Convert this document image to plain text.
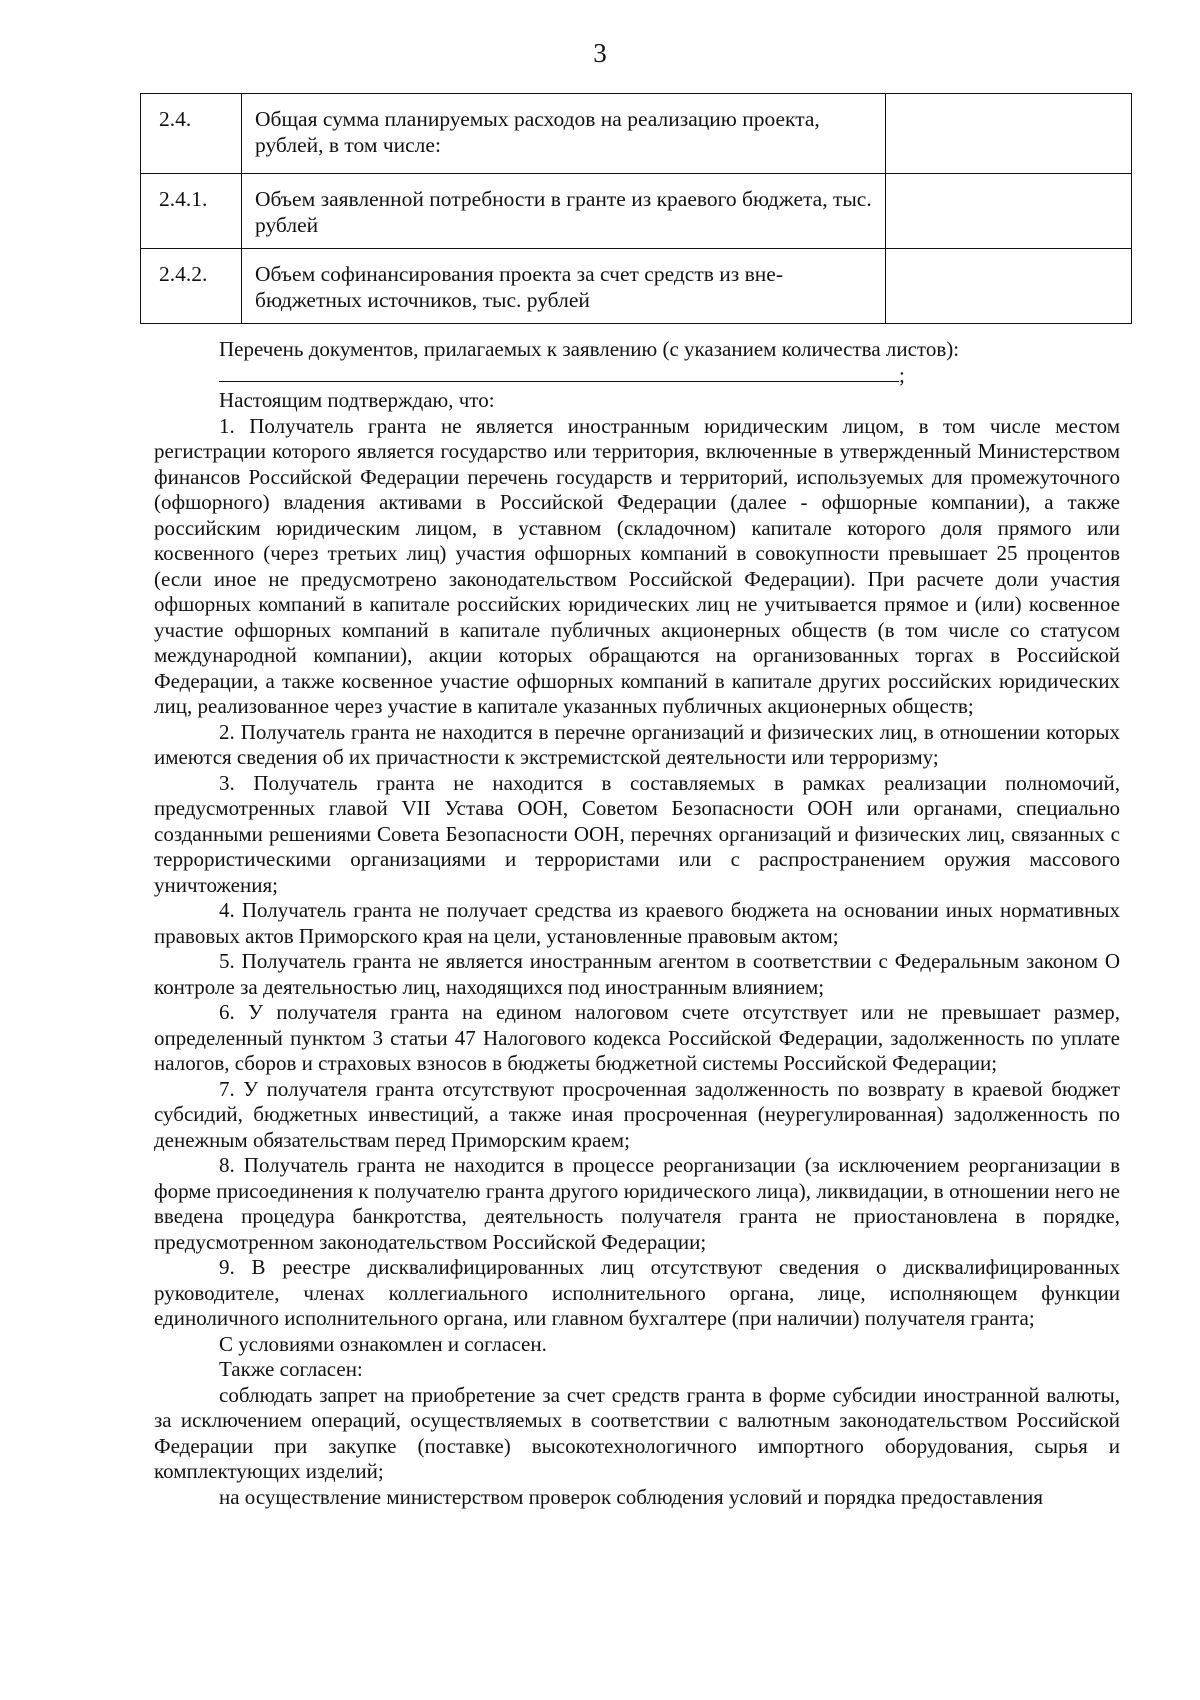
3
2.4.	Общая сумма планируемых расходов на реализацию проекта, рублей, в том числе:	
2.4.1.	Объем заявленной потребности в гранте из краевого бюджета, тыс. рублей	
2.4.2.	Объем софинансирования проекта за счет средств из вне-бюджетных источников, тыс. рублей	

Перечень документов, прилагаемых к заявлению (с указанием количества листов):

;

Настоящим подтверждаю, что:

1. Получатель гранта не является иностранным юридическим лицом, в том числе местом регистрации которого является государство или территория, включенные в утвержденный Министерством финансов Российской Федерации перечень государств и территорий, используемых для промежуточного (офшорного) владения активами в Российской Федерации (далее - офшорные компании), а также российским юридическим лицом, в уставном (складочном) капитале которого доля прямого или косвенного (через третьих лиц) участия офшорных компаний в совокупности превышает 25 процентов (если иное не предусмотрено законодательством Российской Федерации). При расчете доли участия офшорных компаний в капитале российских юридических лиц не учитывается прямое и (или) косвенное участие офшорных компаний в капитале публичных акционерных обществ (в том числе со статусом международной компании), акции которых обращаются на организованных торгах в Российской Федерации, а также косвенное участие офшорных компаний в капитале других российских юридических лиц, реализованное через участие в капитале указанных публичных акционерных обществ;

2. Получатель гранта не находится в перечне организаций и физических лиц, в отношении которых имеются сведения об их причастности к экстремистской деятельности или терроризму;

3. Получатель гранта не находится в составляемых в рамках реализации полномочий, предусмотренных главой VII Устава ООН, Советом Безопасности ООН или органами, специально созданными решениями Совета Безопасности ООН, перечнях организаций и физических лиц, связанных с террористическими организациями и террористами или с распространением оружия массового уничтожения;

4. Получатель гранта не получает средства из краевого бюджета на основании иных нормативных правовых актов Приморского края на цели, установленные правовым актом;

5. Получатель гранта не является иностранным агентом в соответствии с Федеральным законом О контроле за деятельностью лиц, находящихся под иностранным влиянием;

6. У получателя гранта на едином налоговом счете отсутствует или не превышает размер, определенный пунктом 3 статьи 47 Налогового кодекса Российской Федерации, задолженность по уплате налогов, сборов и страховых взносов в бюджеты бюджетной системы Российской Федерации;

7. У получателя гранта отсутствуют просроченная задолженность по возврату в краевой бюджет субсидий, бюджетных инвестиций, а также иная просроченная (неурегулированная) задолженность по денежным обязательствам перед Приморским краем;

8. Получатель гранта не находится в процессе реорганизации (за исключением реорганизации в форме присоединения к получателю гранта другого юридического лица), ликвидации, в отношении него не введена процедура банкротства, деятельность получателя гранта не приостановлена в порядке, предусмотренном законодательством Российской Федерации;

9. В реестре дисквалифицированных лиц отсутствуют сведения о дисквалифицированных руководителе, членах коллегиального исполнительного органа, лице, исполняющем функции единоличного исполнительного органа, или главном бухгалтере (при наличии) получателя гранта;

С условиями ознакомлен и согласен.

Также согласен:

соблюдать запрет на приобретение за счет средств гранта в форме субсидии иностранной валюты, за исключением операций, осуществляемых в соответствии с валютным законодательством Российской Федерации при закупке (поставке) высокотехнологичного импортного оборудования, сырья и комплектующих изделий;

на осуществление министерством проверок соблюдения условий и порядка предоставления
